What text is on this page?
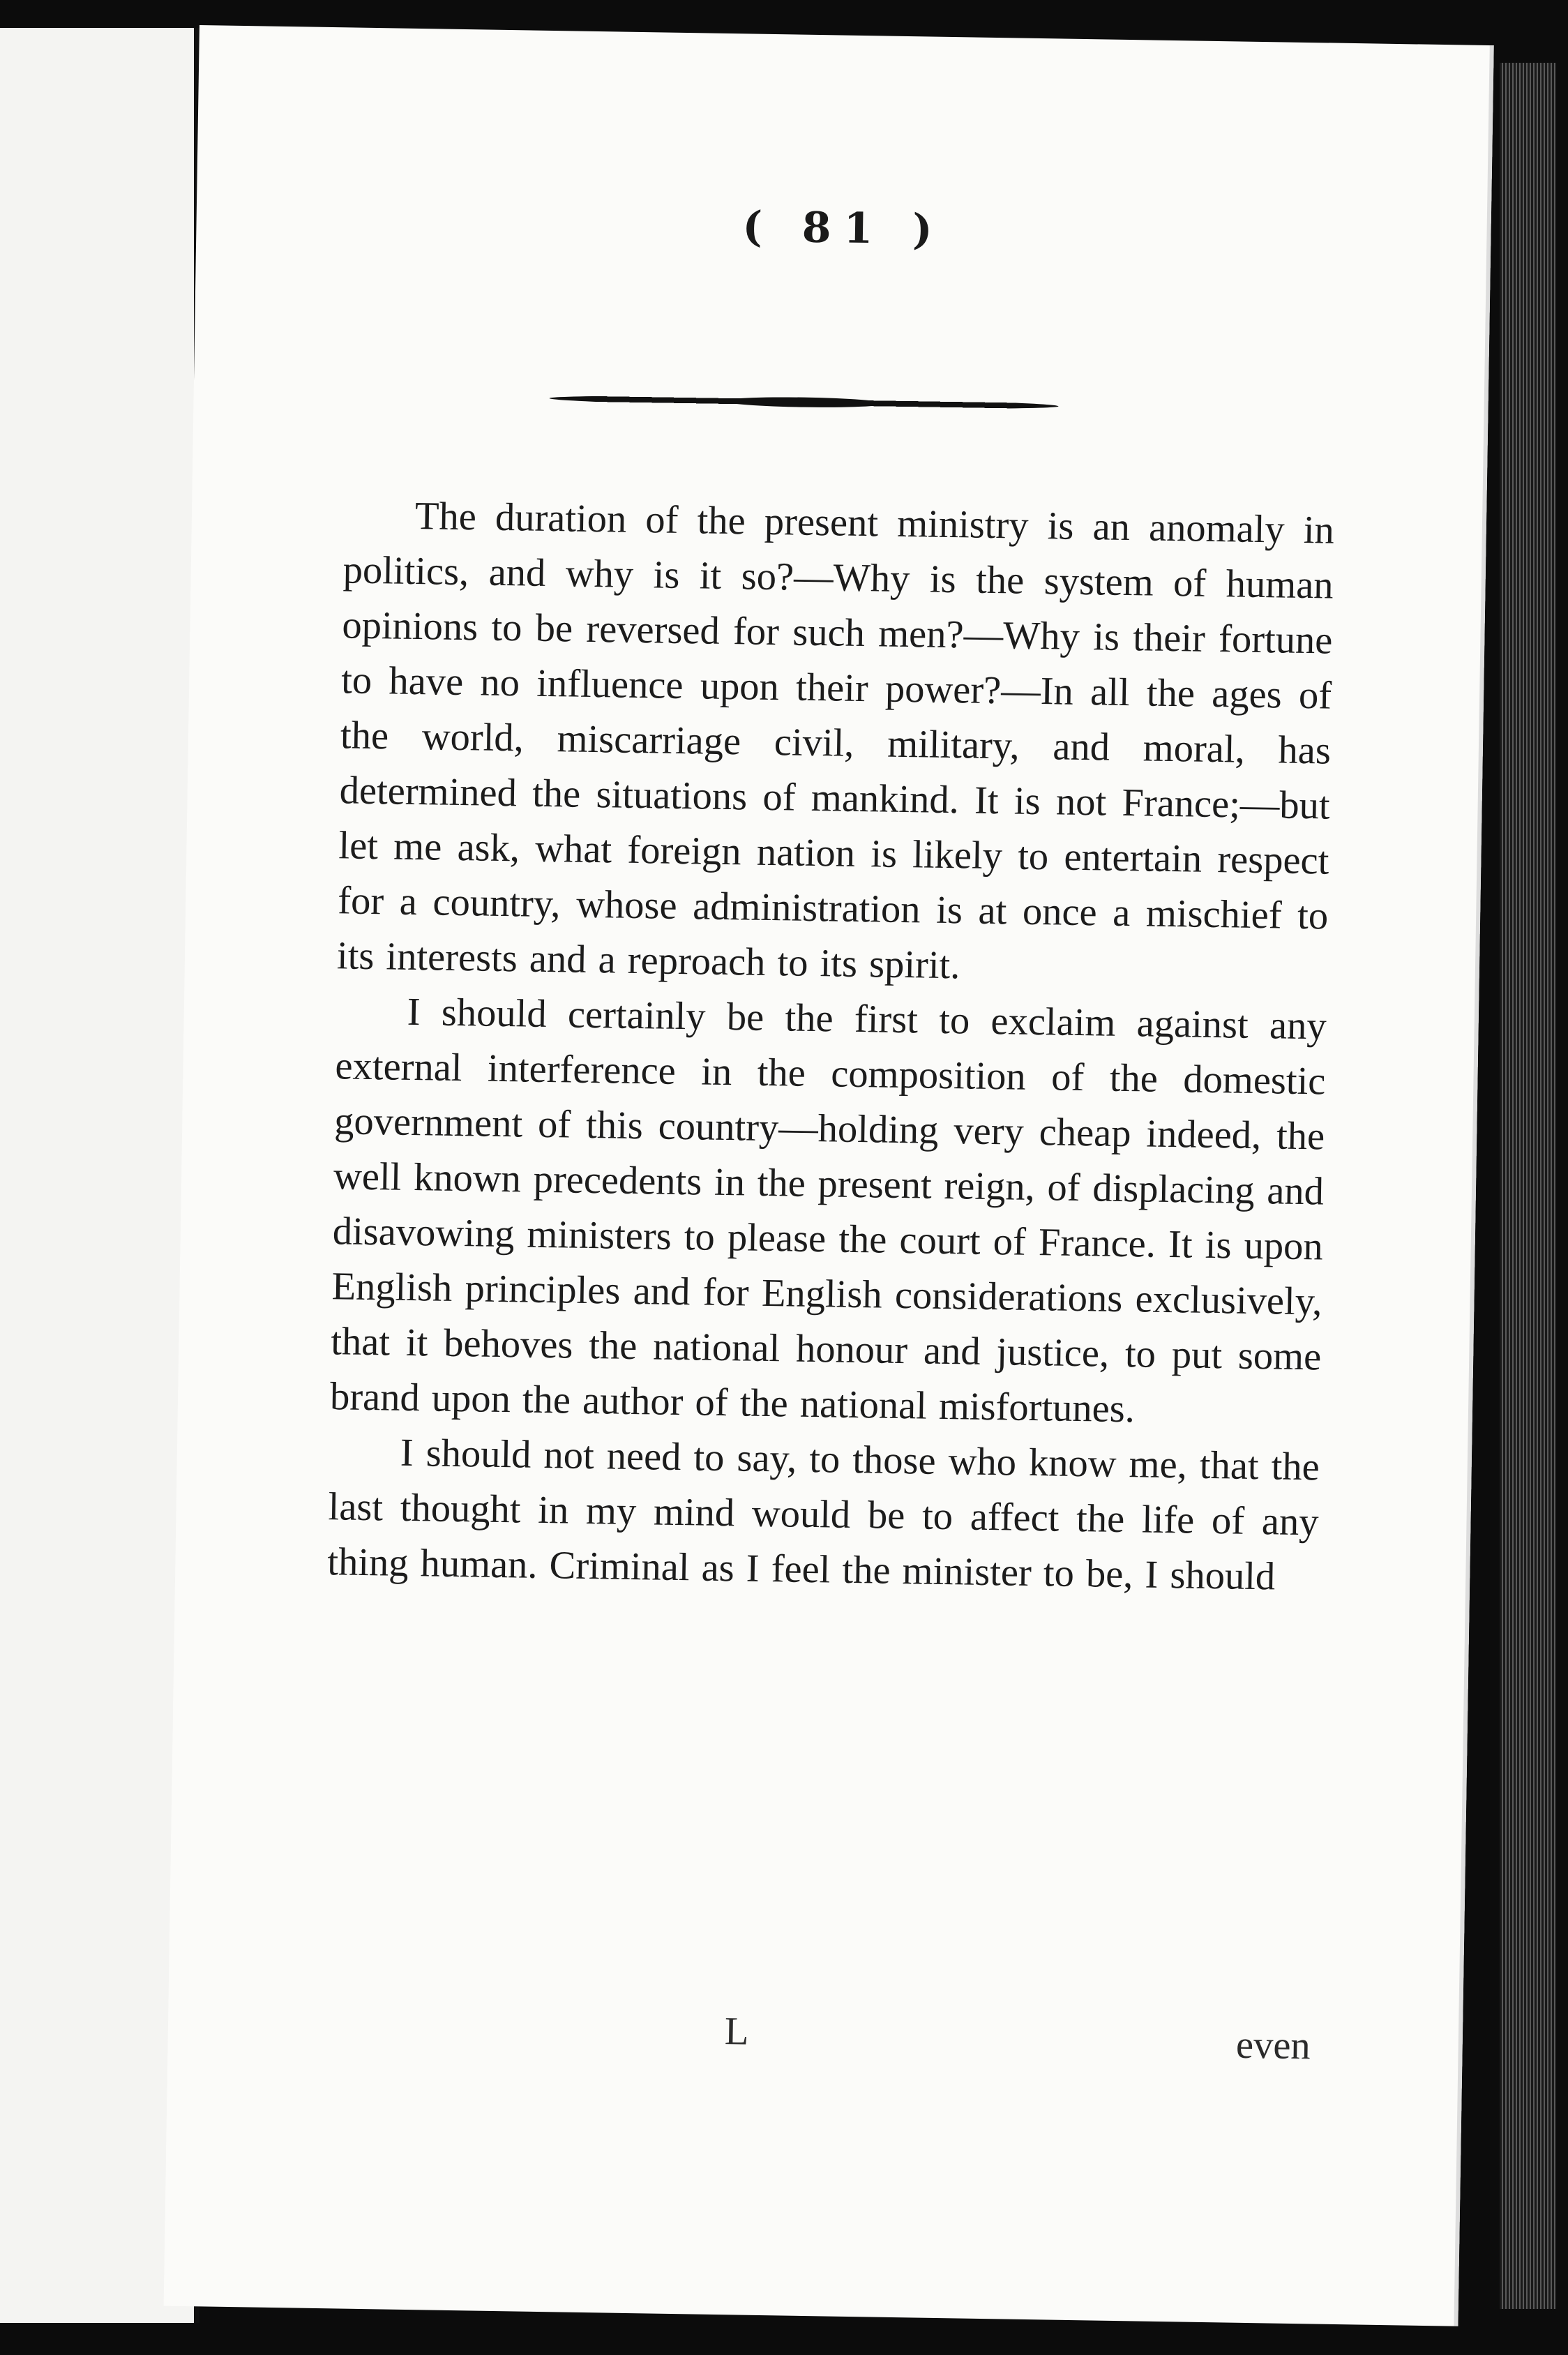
( 81 )

The duration of the present ministry is an anomaly in politics, and why is it so?—Why is the system of human opinions to be reversed for such men?—Why is their fortune to have no influence upon their power?—In all the ages of the world, miscarriage civil, military, and moral, has determined the situations of mankind. It is not France;—but let me ask, what foreign nation is likely to entertain respect for a country, whose administration is at once a mischief to its interests and a reproach to its spirit.

I should certainly be the first to exclaim against any external interference in the composition of the domestic government of this country—holding very cheap indeed, the well known precedents in the present reign, of displacing and disavowing ministers to please the court of France. It is upon English principles and for English considerations exclusively, that it behoves the national honour and justice, to put some brand upon the author of the national misfortunes.

I should not need to say, to those who know me, that the last thought in my mind would be to affect the life of any thing human. Criminal as I feel the minister to be, I should

L	even
